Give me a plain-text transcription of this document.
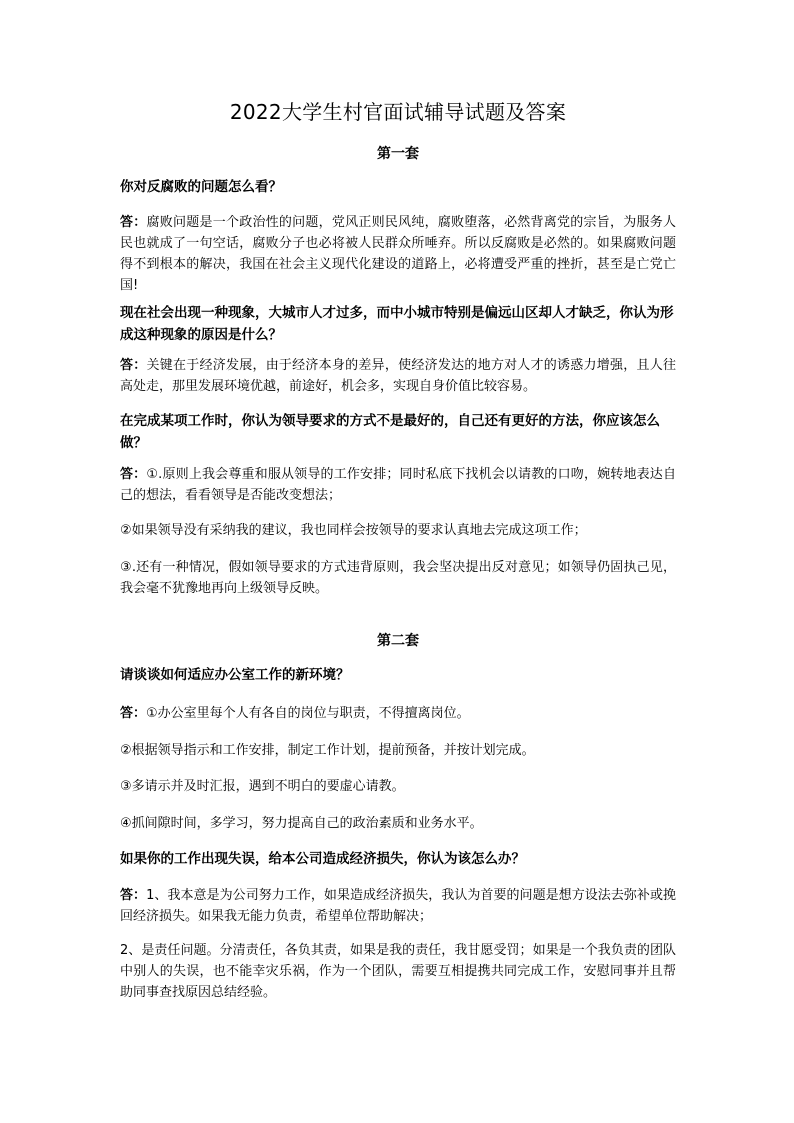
2022大学生村官面试辅导试题及答案
第一套
你对反腐败的问题怎么看？
答：腐败问题是一个政治性的问题，党风正则民风纯，腐败堕落，必然背离党的宗旨，为服务人民也就成了一句空话，腐败分子也必将被人民群众所唾弃。所以反腐败是必然的。如果腐败问题得不到根本的解决，我国在社会主义现代化建设的道路上，必将遭受严重的挫折，甚至是亡党亡国!
现在社会出现一种现象，大城市人才过多，而中小城市特别是偏远山区却人才缺乏，你认为形成这种现象的原因是什么？
答：关键在于经济发展，由于经济本身的差异，使经济发达的地方对人才的诱惑力增强，且人往高处走，那里发展环境优越，前途好，机会多，实现自身价值比较容易。
在完成某项工作时，你认为领导要求的方式不是最好的，自己还有更好的方法，你应该怎么做？
答：①.原则上我会尊重和服从领导的工作安排；同时私底下找机会以请教的口吻，婉转地表达自己的想法，看看领导是否能改变想法；
②如果领导没有采纳我的建议，我也同样会按领导的要求认真地去完成这项工作；
③.还有一种情况，假如领导要求的方式违背原则，我会坚决提出反对意见；如领导仍固执己见，我会毫不犹豫地再向上级领导反映。
第二套
请谈谈如何适应办公室工作的新环境？
答：①办公室里每个人有各自的岗位与职责，不得擅离岗位。
②根据领导指示和工作安排，制定工作计划，提前预备，并按计划完成。
③多请示并及时汇报，遇到不明白的要虚心请教。
④抓间隙时间，多学习，努力提高自己的政治素质和业务水平。
如果你的工作出现失误，给本公司造成经济损失，你认为该怎么办？
答：1、我本意是为公司努力工作，如果造成经济损失，我认为首要的问题是想方设法去弥补或挽回经济损失。如果我无能力负责，希望单位帮助解决；
2、是责任问题。分清责任，各负其责，如果是我的责任，我甘愿受罚；如果是一个我负责的团队中别人的失误，也不能幸灾乐祸，作为一个团队，需要互相提携共同完成工作，安慰同事并且帮助同事查找原因总结经验。
